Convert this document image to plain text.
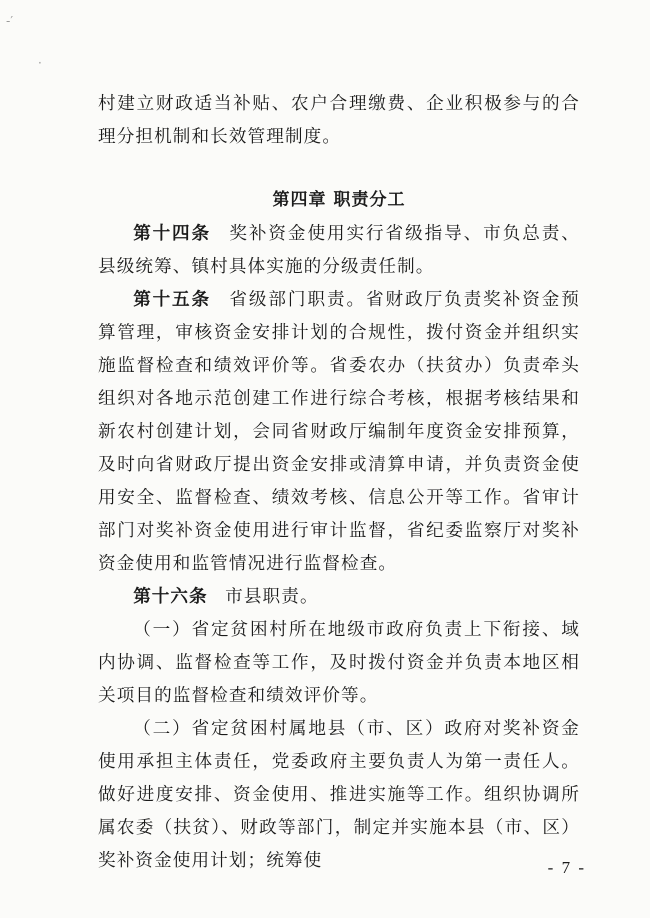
-′
·

村建立财政适当补贴、农户合理缴费、企业积极参与的合理分担机制和长效管理制度。

第四章 职责分工

第十四条 奖补资金使用实行省级指导、市负总责、县级统筹、镇村具体实施的分级责任制。

第十五条 省级部门职责。省财政厅负责奖补资金预算管理，审核资金安排计划的合规性，拨付资金并组织实施监督检查和绩效评价等。省委农办（扶贫办）负责牵头组织对各地示范创建工作进行综合考核，根据考核结果和新农村创建计划，会同省财政厅编制年度资金安排预算，及时向省财政厅提出资金安排或清算申请，并负责资金使用安全、监督检查、绩效考核、信息公开等工作。省审计部门对奖补资金使用进行审计监督，省纪委监察厅对奖补资金使用和监管情况进行监督检查。

第十六条 市县职责。

（一）省定贫困村所在地级市政府负责上下衔接、域内协调、监督检查等工作，及时拨付资金并负责本地区相关项目的监督检查和绩效评价等。

（二）省定贫困村属地县（市、区）政府对奖补资金使用承担主体责任，党委政府主要负责人为第一责任人。做好进度安排、资金使用、推进实施等工作。组织协调所属农委（扶贫）、财政等部门，制定并实施本县（市、区）奖补资金使用计划；统筹使	- 7 -
